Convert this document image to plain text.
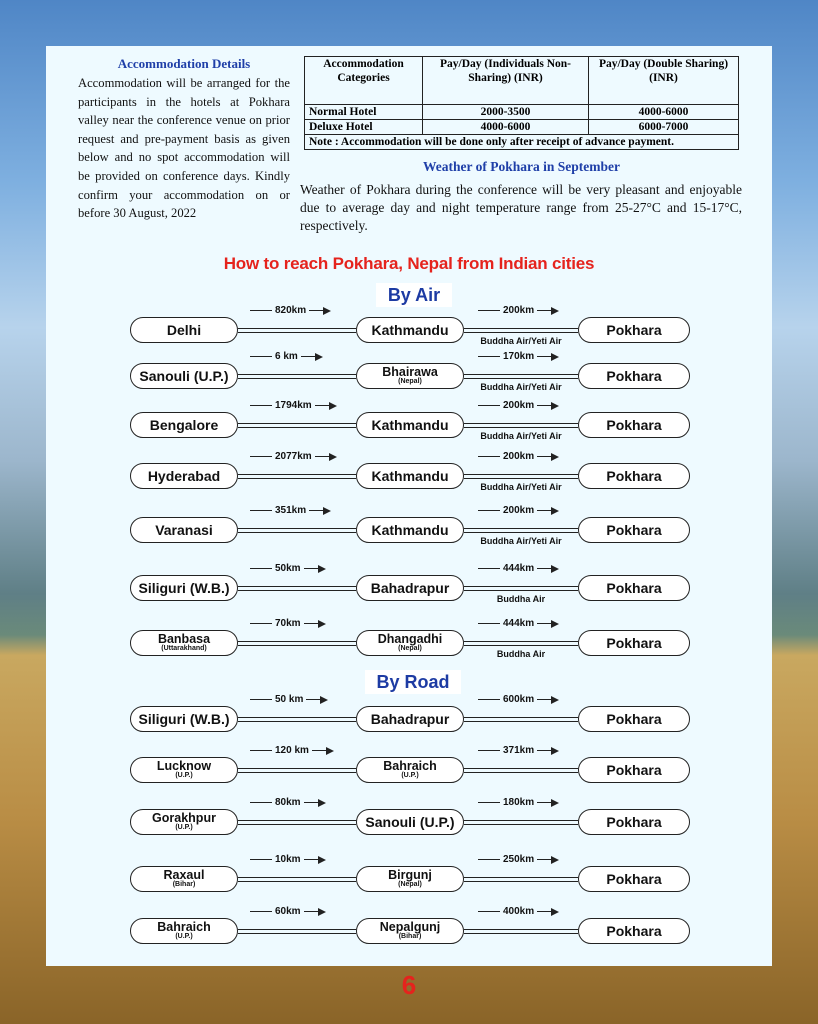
Accommodation Details
Accommodation will be arranged for the participants in the hotels at Pokhara valley near the conference venue on prior request and pre-payment basis as given below and no spot accommodation will be provided on conference days. Kindly confirm your accommodation on or before 30 August, 2022
Accommodation Categories	Pay/Day (Individuals Non-Sharing) (INR)	Pay/Day (Double Sharing) (INR)
Normal Hotel	2000-3500	4000-6000
Deluxe Hotel	4000-6000	6000-7000
Note : Accommodation will be done only after receipt of advance payment.		
Weather of Pokhara in September
Weather of Pokhara during the conference will be very pleasant and enjoyable due to average day and night temperature range from 25-27°C and 15-17°C, respectively.
How to reach Pokhara, Nepal from Indian cities
By Air
Delhi
820km
Kathmandu
200km
Buddha Air/Yeti Air
Pokhara
Sanouli (U.P.)
6 km
Bhairawa
(Nepal)
170km
Buddha Air/Yeti Air
Pokhara
Bengalore
1794km
Kathmandu
200km
Buddha Air/Yeti Air
Pokhara
Hyderabad
2077km
Kathmandu
200km
Buddha Air/Yeti Air
Pokhara
Varanasi
351km
Kathmandu
200km
Buddha Air/Yeti Air
Pokhara
Siliguri (W.B.)
50km
Bahadrapur
444km
Buddha Air
Pokhara
Banbasa
(Uttarakhand)
70km
Dhangadhi
(Nepal)
444km
Buddha Air
Pokhara
By Road
Siliguri (W.B.)
50 km
Bahadrapur
600km
Pokhara
Lucknow
(U.P.)
120 km
Bahraich
(U.P.)
371km
Pokhara
Gorakhpur
(U.P.)
80km
Sanouli (U.P.)
180km
Pokhara
Raxaul
(Bihar)
10km
Birgunj
(Nepal)
250km
Pokhara
Bahraich
(U.P.)
60km
Nepalgunj
(Bihar)
400km
Pokhara
6
